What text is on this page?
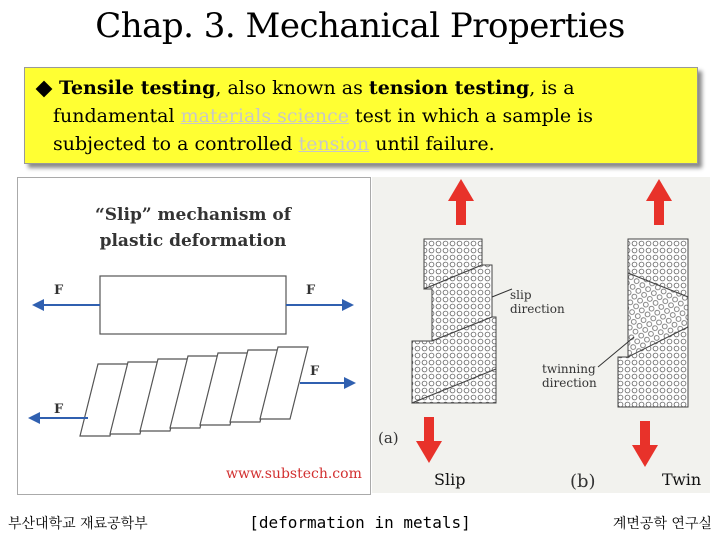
Chap. 3. Mechanical Properties
Tensile testing, also known as tension testing, is a
fundamental materials science test in which a sample is
subjected to a controlled tension until failure.
“Slip” mechanism of
plastic deformation
F	F
F
F
www.substech.com
slip
direction
(a)
twinning
direction
(b)
Slip	Twin
부산대학교 재료공학부	[deformation in metals]	계면공학 연구실
